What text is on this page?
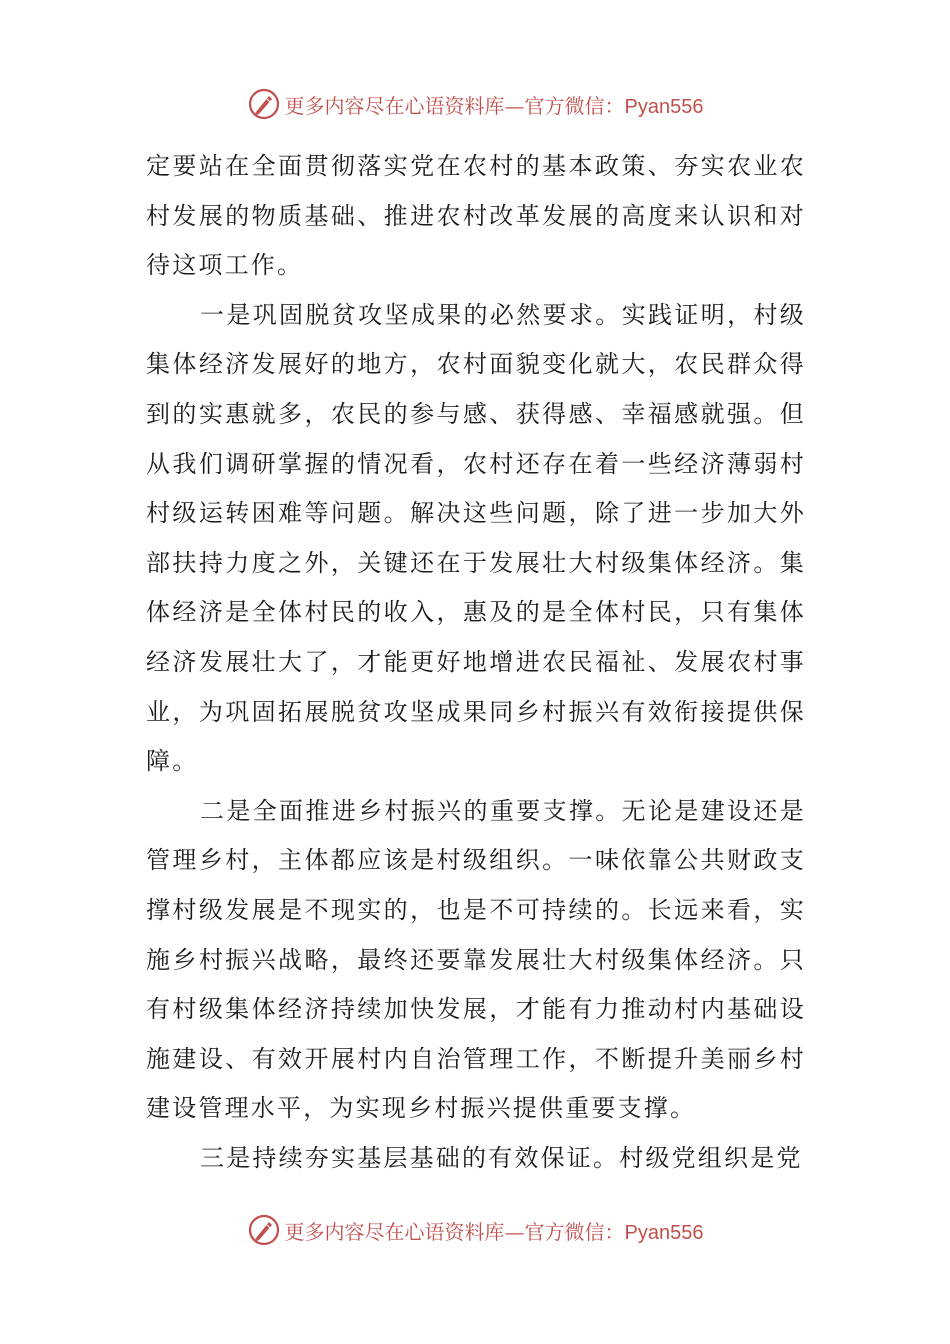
更多内容尽在心语资料库—官方微信：Pyan556

定要站在全面贯彻落实党在农村的基本政策、夯实农业农村发展的物质基础、推进农村改革发展的高度来认识和对待这项工作。

一是巩固脱贫攻坚成果的必然要求。实践证明，村级集体经济发展好的地方，农村面貌变化就大，农民群众得到的实惠就多，农民的参与感、获得感、幸福感就强。但从我们调研掌握的情况看，农村还存在着一些经济薄弱村村级运转困难等问题。解决这些问题，除了进一步加大外部扶持力度之外，关键还在于发展壮大村级集体经济。集体经济是全体村民的收入，惠及的是全体村民，只有集体经济发展壮大了，才能更好地增进农民福祉、发展农村事业，为巩固拓展脱贫攻坚成果同乡村振兴有效衔接提供保障。

二是全面推进乡村振兴的重要支撑。无论是建设还是管理乡村，主体都应该是村级组织。一味依靠公共财政支撑村级发展是不现实的，也是不可持续的。长远来看，实施乡村振兴战略，最终还要靠发展壮大村级集体经济。只有村级集体经济持续加快发展，才能有力推动村内基础设施建设、有效开展村内自治管理工作，不断提升美丽乡村建设管理水平，为实现乡村振兴提供重要支撑。

三是持续夯实基层基础的有效保证。村级党组织是党

更多内容尽在心语资料库—官方微信：Pyan556
